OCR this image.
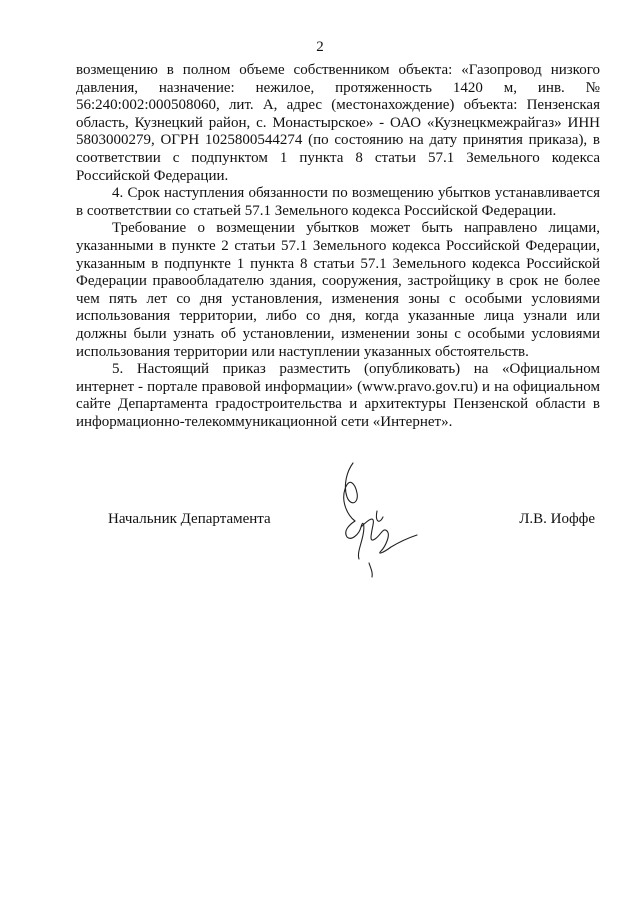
2

возмещению в полном объеме собственником объекта: «Газопровод низкого давления, назначение: нежилое, протяженность 1420 м, инв. № 56:240:002:000508060, лит. А, адрес (местонахождение) объекта: Пензенская область, Кузнецкий район, с. Монастырское» - ОАО «Кузнецкмежрайгаз» ИНН 5803000279, ОГРН 1025800544274 (по состоянию на дату принятия приказа), в соответствии с подпунктом 1 пункта 8 статьи 57.1 Земельного кодекса Российской Федерации.

4. Срок наступления обязанности по возмещению убытков устанавливается в соответствии со статьей 57.1 Земельного кодекса Российской Федерации.

Требование о возмещении убытков может быть направлено лицами, указанными в пункте 2 статьи 57.1 Земельного кодекса Российской Федерации, указанным в подпункте 1 пункта 8 статьи 57.1 Земельного кодекса Российской Федерации правообладателю здания, сооружения, застройщику в срок не более чем пять лет со дня установления, изменения зоны с особыми условиями использования территории, либо со дня, когда указанные лица узнали или должны были узнать об установлении, изменении зоны с особыми условиями использования территории или наступлении указанных обстоятельств.

5. Настоящий приказ разместить (опубликовать) на «Официальном интернет - портале правовой информации» (www.pravo.gov.ru) и на официальном сайте Департамента градостроительства и архитектуры Пензенской области в информационно-телекоммуникационной сети «Интернет».

Начальник Департамента	Л.В. Иоффе
